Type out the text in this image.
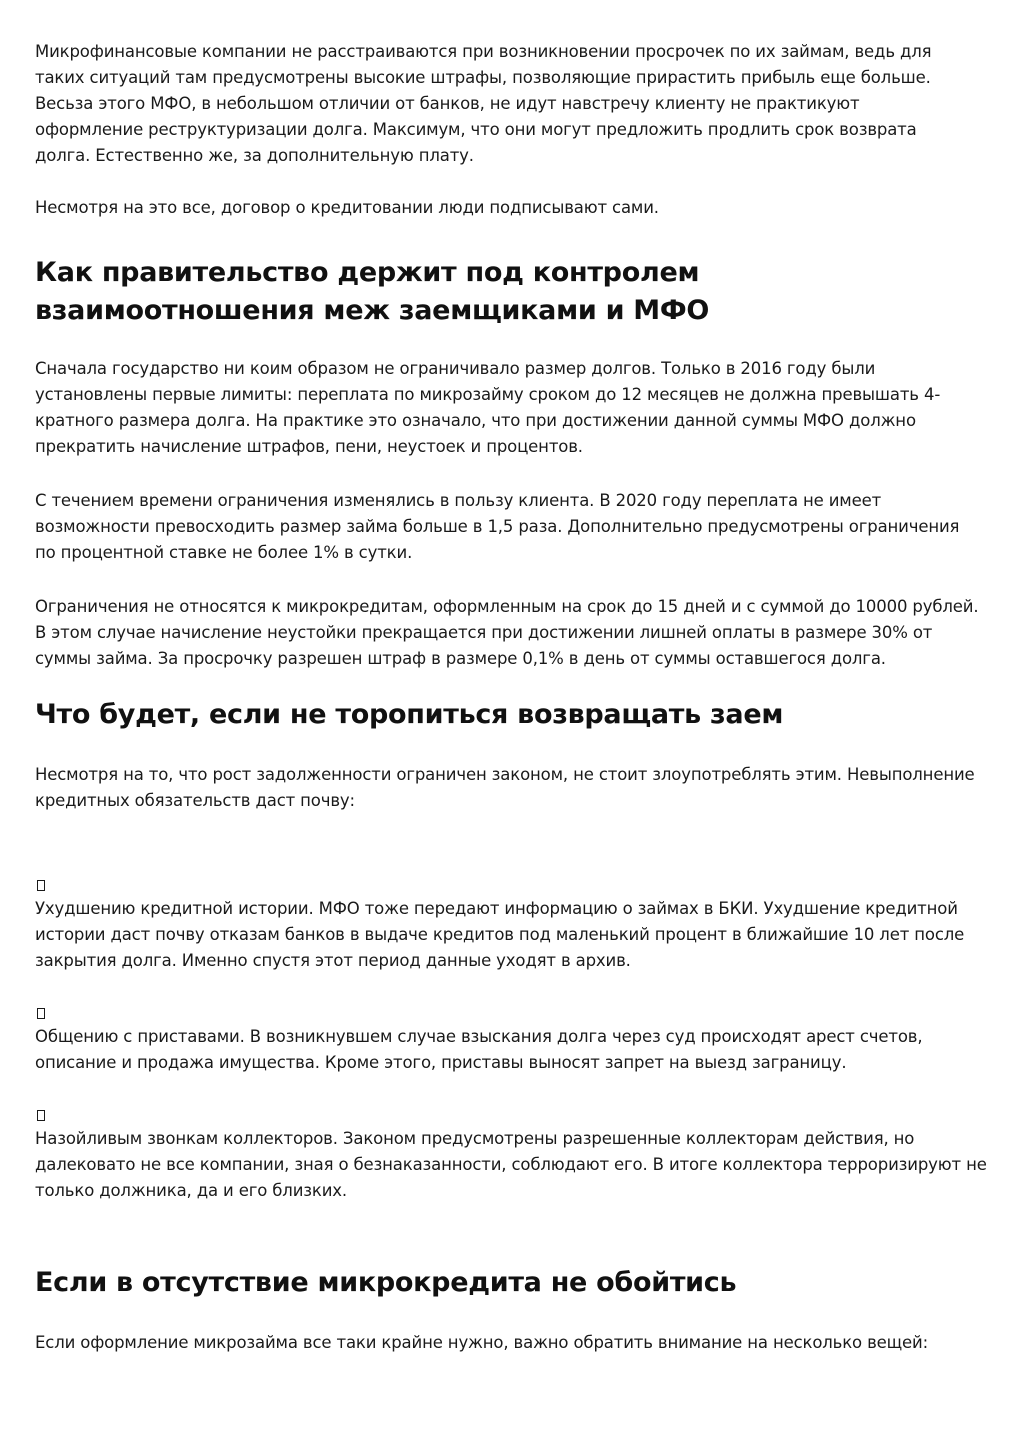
Микрофинансовые компании не расстраиваются при возникновении просрочек по их займам, ведь для таких ситуаций там предусмотрены высокие штрафы, позволяющие прирастить прибыль еще больше. Весьза этого МФО, в небольшом отличии от банков, не идут навстречу клиенту не практикуют оформление реструктуризации долга. Максимум, что они могут предложить продлить срок возврата долга. Естественно же, за дополнительную плату.

Несмотря на это все, договор о кредитовании люди подписывают сами.

Как правительство держит под контролем взаимоотношения меж заемщиками и МФО

Сначала государство ни коим образом не ограничивало размер долгов. Только в 2016 году были установлены первые лимиты: переплата по микрозайму сроком до 12 месяцев не должна превышать 4-кратного размера долга. На практике это означало, что при достижении данной суммы МФО должно прекратить начисление штрафов, пени, неустоек и процентов.

С течением времени ограничения изменялись в пользу клиента. В 2020 году переплата не имеет возможности превосходить размер займа больше в 1,5 раза. Дополнительно предусмотрены ограничения по процентной ставке не более 1% в сутки.

Ограничения не относятся к микрокредитам, оформленным на срок до 15 дней и с суммой до 10000 рублей. В этом случае начисление неустойки прекращается при достижении лишней оплаты в размере 30% от суммы займа. За просрочку разрешен штраф в размере 0,1% в день от суммы оставшегося долга.

Что будет, если не торопиться возвращать заем

Несмотря на то, что рост задолженности ограничен законом, не стоит злоупотреблять этим. Невыполнение кредитных обязательств даст почву:

Ухудшению кредитной истории. МФО тоже передают информацию о займах в БКИ. Ухудшение кредитной истории даст почву отказам банков в выдаче кредитов под маленький процент в ближайшие 10 лет после закрытия долга. Именно спустя этот период данные уходят в архив.

Общению с приставами. В возникнувшем случае взыскания долга через суд происходят арест счетов, описание и продажа имущества. Кроме этого, приставы выносят запрет на выезд заграницу.

Назойливым звонкам коллекторов. Законом предусмотрены разрешенные коллекторам действия, но далековато не все компании, зная о безнаказанности, соблюдают его. В итоге коллектора терроризируют не только должника, да и его близких.

Если в отсутствие микрокредита не обойтись

Если оформление микрозайма все таки крайне нужно, важно обратить внимание на несколько вещей:
